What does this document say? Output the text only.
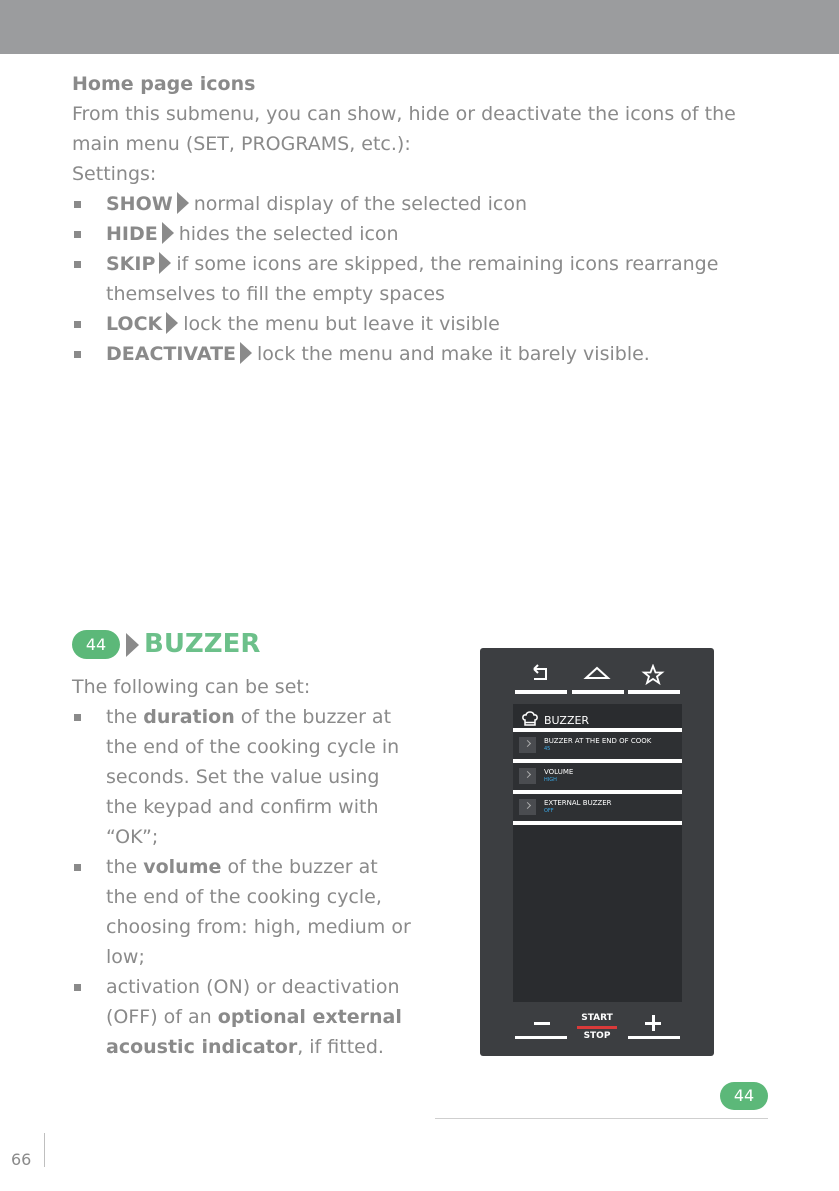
Home page icons
From this submenu, you can show, hide or deactivate the icons of the
main menu (SET, PROGRAMS, etc.):
Settings:
SHOW normal display of the selected icon
HIDE hides the selected icon
SKIP if some icons are skipped, the remaining icons rearrange themselves to fill the empty spaces
LOCK lock the menu but leave it visible
DEACTIVATE lock the menu and make it barely visible.
44	BUZZER
The following can be set:
the duration of the buzzer at the end of the cooking cycle in seconds. Set the value using the keypad and confirm with “OK”;
the volume of the buzzer at the end of the cooking cycle, choosing from: high, medium or low;
activation (ON) or deactivation (OFF) of an optional external acoustic indicator, if fitted.
BUZZER
BUZZER AT THE END OF COOK
45
VOLUME
HIGH
EXTERNAL BUZZER
OFF
START
STOP
44
66
